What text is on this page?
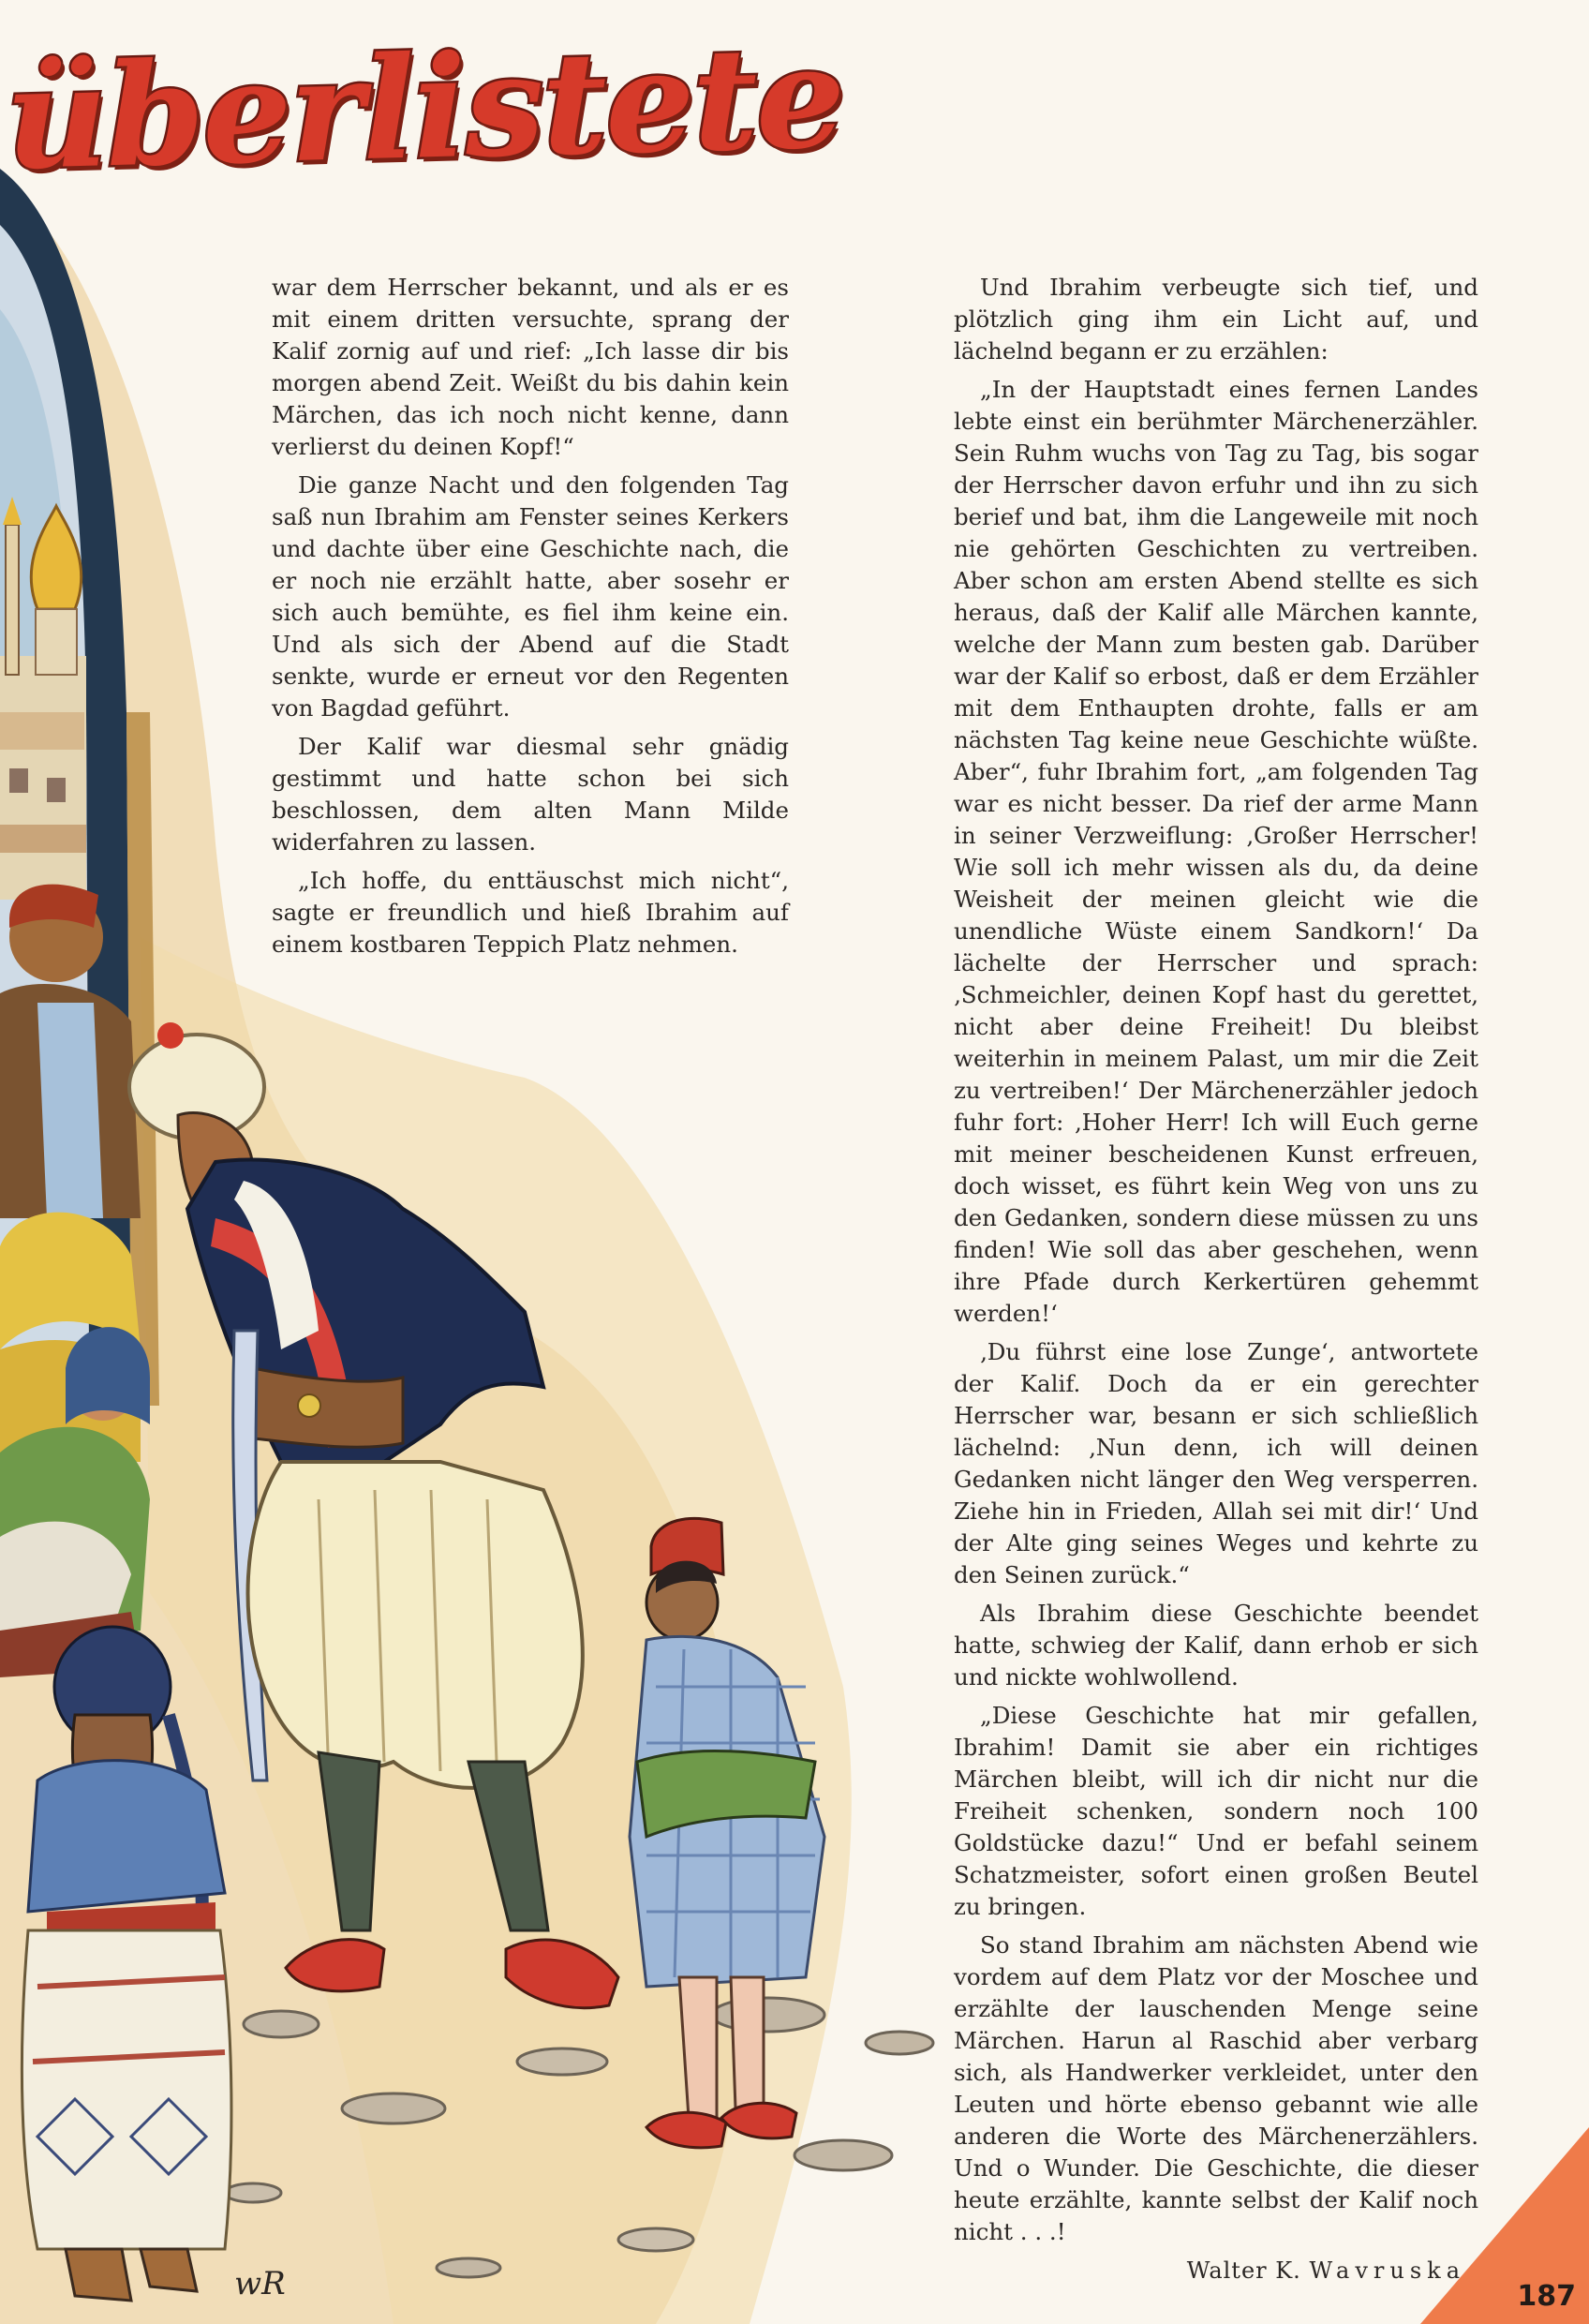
wR
überlistete

war dem Herrscher bekannt, und als er es mit einem dritten versuchte, sprang der Kalif zornig auf und rief: „Ich lasse dir bis morgen abend Zeit. Weißt du bis dahin kein Märchen, das ich noch nicht kenne, dann verlierst du deinen Kopf!“

Die ganze Nacht und den folgenden Tag saß nun Ibrahim am Fenster seines Kerkers und dachte über eine Geschichte nach, die er noch nie erzählt hatte, aber sosehr er sich auch bemühte, es fiel ihm keine ein. Und als sich der Abend auf die Stadt senkte, wurde er erneut vor den Regenten von Bagdad geführt.

Der Kalif war diesmal sehr gnädig gestimmt und hatte schon bei sich beschlossen, dem alten Mann Milde widerfahren zu lassen.

„Ich hoffe, du enttäuschst mich nicht“, sagte er freundlich und hieß Ibrahim auf einem kostbaren Teppich Platz nehmen.

Und Ibrahim verbeugte sich tief, und plötzlich ging ihm ein Licht auf, und lächelnd begann er zu erzählen:

„In der Hauptstadt eines fernen Landes lebte einst ein berühmter Märchenerzähler. Sein Ruhm wuchs von Tag zu Tag, bis sogar der Herrscher davon erfuhr und ihn zu sich berief und bat, ihm die Langeweile mit noch nie gehörten Geschichten zu vertreiben. Aber schon am ersten Abend stellte es sich heraus, daß der Kalif alle Märchen kannte, welche der Mann zum besten gab. Darüber war der Kalif so erbost, daß er dem Erzähler mit dem Enthaupten drohte, falls er am nächsten Tag keine neue Geschichte wüßte. Aber“, fuhr Ibrahim fort, „am folgenden Tag war es nicht besser. Da rief der arme Mann in seiner Verzweiflung: ‚Großer Herrscher! Wie soll ich mehr wissen als du, da deine Weisheit der meinen gleicht wie die unendliche Wüste einem Sandkorn!‘ Da lächelte der Herrscher und sprach: ‚Schmeichler, deinen Kopf hast du gerettet, nicht aber deine Freiheit! Du bleibst weiterhin in meinem Palast, um mir die Zeit zu vertreiben!‘ Der Märchenerzähler jedoch fuhr fort: ‚Hoher Herr! Ich will Euch gerne mit meiner bescheidenen Kunst erfreuen, doch wisset, es führt kein Weg von uns zu den Gedanken, sondern diese müssen zu uns finden! Wie soll das aber geschehen, wenn ihre Pfade durch Kerkertüren gehemmt werden!‘

‚Du führst eine lose Zunge‘, antwortete der Kalif. Doch da er ein gerechter Herrscher war, besann er sich schließlich lächelnd: ‚Nun denn, ich will deinen Gedanken nicht länger den Weg versperren. Ziehe hin in Frieden, Allah sei mit dir!‘ Und der Alte ging seines Weges und kehrte zu den Seinen zurück.“

Als Ibrahim diese Geschichte beendet hatte, schwieg der Kalif, dann erhob er sich und nickte wohlwollend.

„Diese Geschichte hat mir gefallen, Ibrahim! Damit sie aber ein richtiges Märchen bleibt, will ich dir nicht nur die Freiheit schenken, sondern noch 100 Goldstücke dazu!“ Und er befahl seinem Schatzmeister, sofort einen großen Beutel zu bringen.

So stand Ibrahim am nächsten Abend wie vordem auf dem Platz vor der Moschee und erzählte der lauschenden Menge seine Märchen. Harun al Raschid aber verbarg sich, als Handwerker verkleidet, unter den Leuten und hörte ebenso gebannt wie alle anderen die Worte des Märchenerzählers. Und o Wunder. Die Geschichte, die dieser heute erzählte, kannte selbst der Kalif noch nicht . . .!

Walter K. Wavruska
187
